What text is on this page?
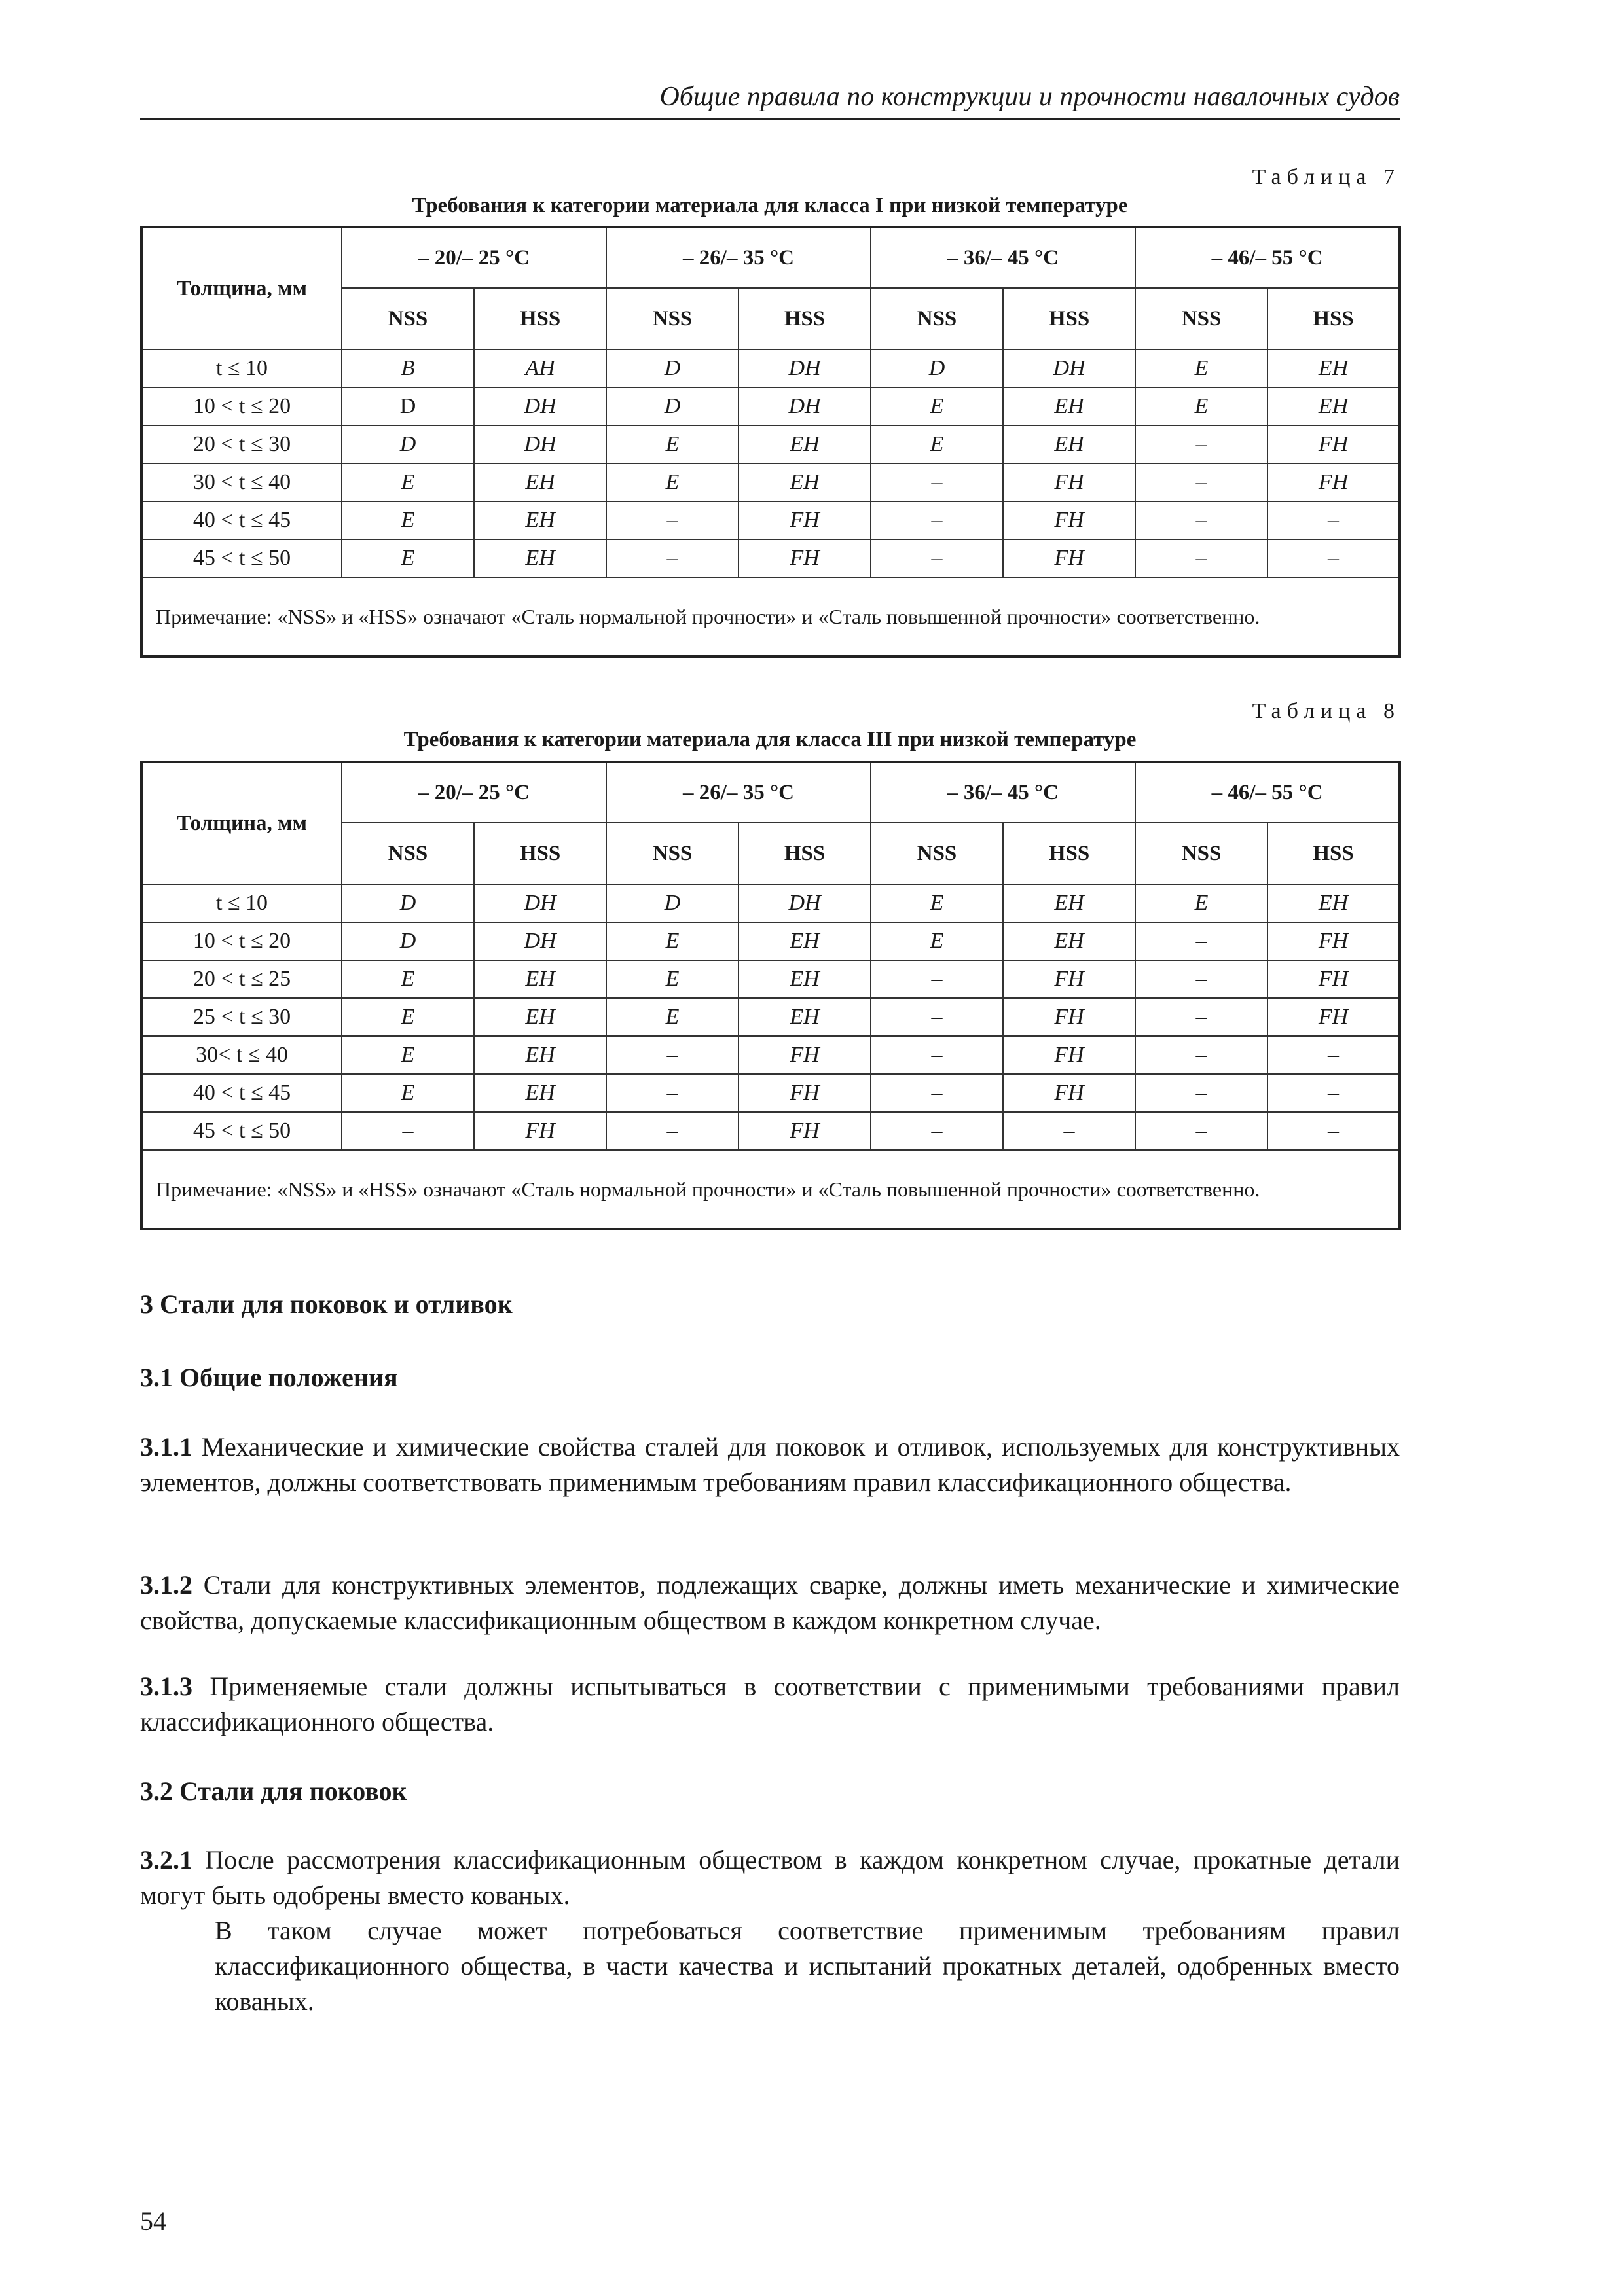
Общие правила по конструкции и прочности навалочных судов
Таблица 7
Требования к категории материала для класса I при низкой температуре
Толщина, мм	– 20/– 25 °C		– 26/– 35 °C		– 36/– 45 °C		– 46/– 55 °C	
	NSS	HSS	NSS	HSS	NSS	HSS	NSS	HSS
t ≤ 10	B	AH	D	DH	D	DH	E	EH
10 < t ≤ 20	D	DH	D	DH	E	EH	E	EH
20 < t ≤ 30	D	DH	E	EH	E	EH	–	FH
30 < t ≤ 40	E	EH	E	EH	–	FH	–	FH
40 < t ≤ 45	E	EH	–	FH	–	FH	–	–
45 < t ≤ 50	E	EH	–	FH	–	FH	–	–
Примечание: «NSS» и «HSS» означают «Сталь нормальной прочности» и «Сталь повышенной прочности» соответственно.								
Таблица 8
Требования к категории материала для класса III при низкой температуре
Толщина, мм	– 20/– 25 °C		– 26/– 35 °C		– 36/– 45 °C		– 46/– 55 °C	
	NSS	HSS	NSS	HSS	NSS	HSS	NSS	HSS
t ≤ 10	D	DH	D	DH	E	EH	E	EH
10 < t ≤ 20	D	DH	E	EH	E	EH	–	FH
20 < t ≤ 25	E	EH	E	EH	–	FH	–	FH
25 < t ≤ 30	E	EH	E	EH	–	FH	–	FH
30< t ≤ 40	E	EH	–	FH	–	FH	–	–
40 < t ≤ 45	E	EH	–	FH	–	FH	–	–
45 < t ≤ 50	–	FH	–	FH	–	–	–	–
Примечание: «NSS» и «HSS» означают «Сталь нормальной прочности» и «Сталь повышенной прочности» соответственно.								
3 Стали для поковок и отливок
3.1 Общие положения
3.1.1 Механические и химические свойства сталей для поковок и отливок, используемых для конструктивных элементов, должны соответствовать применимым требованиям правил классификационного общества.
3.1.2 Стали для конструктивных элементов, подлежащих сварке, должны иметь механические и химические свойства, допускаемые классификационным обществом в каждом конкретном случае.
3.1.3 Применяемые стали должны испытываться в соответствии с применимыми требованиями правил классификационного общества.
3.2 Стали для поковок
3.2.1 После рассмотрения классификационным обществом в каждом конкретном случае, прокатные детали могут быть одобрены вместо кованых.
В таком случае может потребоваться соответствие применимым требованиям правил классификационного общества, в части качества и испытаний прокатных деталей, одобренных вместо кованых.
54
